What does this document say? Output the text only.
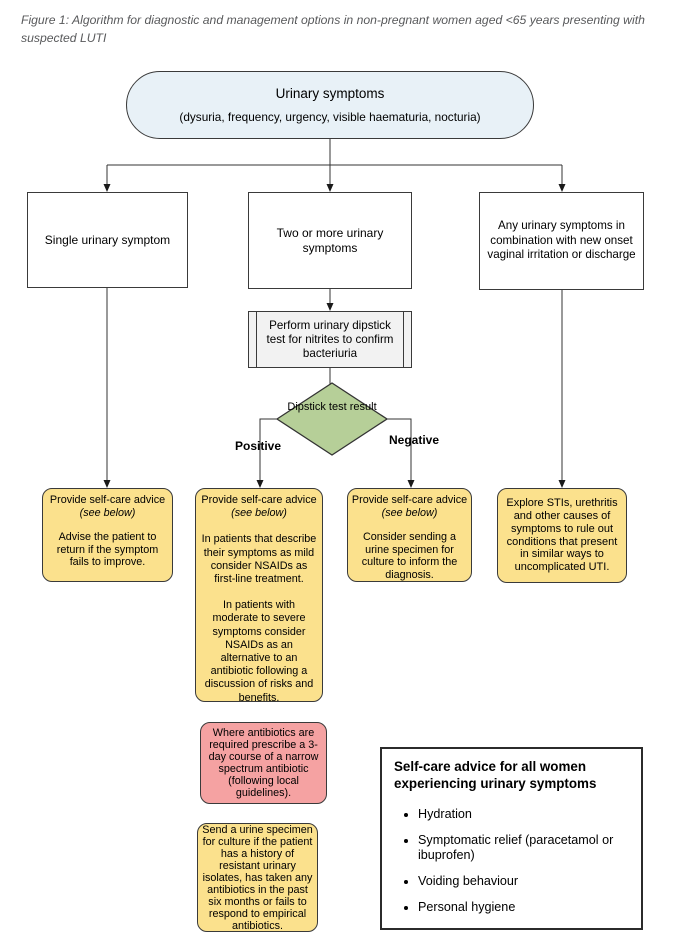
Figure 1: Algorithm for diagnostic and management options in non-pregnant women aged <65 years presenting with suspected LUTI
Urinary symptoms
(dysuria, frequency, urgency, visible haematuria, nocturia)
Single urinary symptom	Two or more urinary symptoms
Any urinary symptoms in combination with new onset vaginal irritation or discharge
Perform urinary dipstick test for nitrites to confirm bacteriuria
Dipstick test result
Positive	Negative
Provide self-care advice
(see below)
Advise the patient to return if the symptom fails to improve.
Provide self-care advice
(see below)
In patients that describe their symptoms as mild consider NSAIDs as first-line treatment.
In patients with moderate to severe symptoms consider NSAIDs as an alternative to an antibiotic following a discussion of risks and benefits.
Provide self-care advice
(see below)
Consider sending a urine specimen for culture to inform the diagnosis.
Explore STIs, urethritis and other causes of symptoms to rule out conditions that present in similar ways to uncomplicated UTI.
Where antibiotics are required prescribe a 3-day course of a narrow spectrum antibiotic (following local guidelines).
Send a urine specimen for culture if the patient has a history of resistant urinary isolates, has taken any antibiotics in the past six months or fails to respond to empirical antibiotics.
Self-care advice for all women experiencing urinary symptoms
• Hydration
• Symptomatic relief (paracetamol or ibuprofen)
• Voiding behaviour
• Personal hygiene
